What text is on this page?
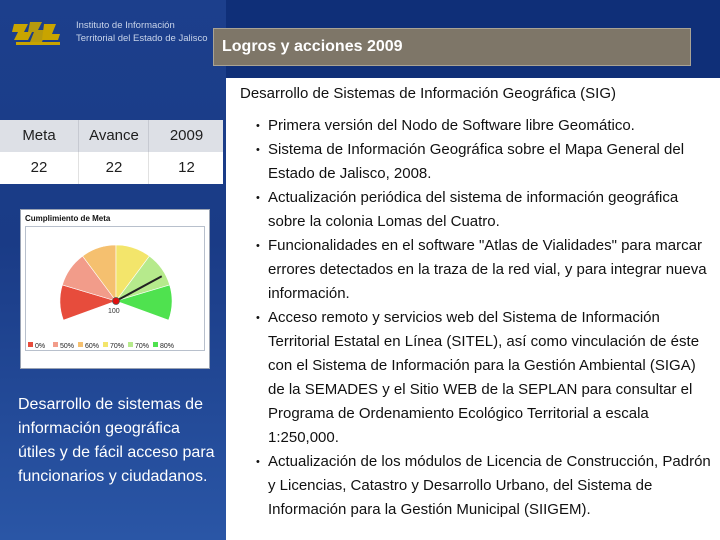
Instituto de Información
Territorial del Estado de Jalisco Logros y acciones 2009
Meta	Avance	2009
22	22	12
Cumplimiento de Meta
100
0%	50%	60%	70%	70%	80%
Desarrollo de sistemas de información geográfica útiles y de fácil acceso para funcionarios y ciudadanos.
Desarrollo de Sistemas de Información Geográfica (SIG)
• Primera versión del Nodo de Software libre Geomático.
• Sistema de Información Geográfica sobre el Mapa General del Estado de Jalisco, 2008.
• Actualización periódica del sistema de información geográfica sobre la colonia Lomas del Cuatro.
• Funcionalidades en el software "Atlas de Vialidades" para marcar errores detectados en la traza de la red vial, y para integrar nueva información.
• Acceso remoto y servicios web del Sistema de Información Territorial Estatal en Línea (SITEL), así como vinculación de éste con el Sistema de Información para la Gestión Ambiental (SIGA) de la SEMADES y el Sitio WEB de la SEPLAN para consultar el Programa de Ordenamiento Ecológico Territorial a escala 1:250,000.
• Actualización de los módulos de Licencia de Construcción, Padrón y Licencias, Catastro y Desarrollo Urbano, del Sistema de Información para la Gestión Municipal (SIIGEM).
